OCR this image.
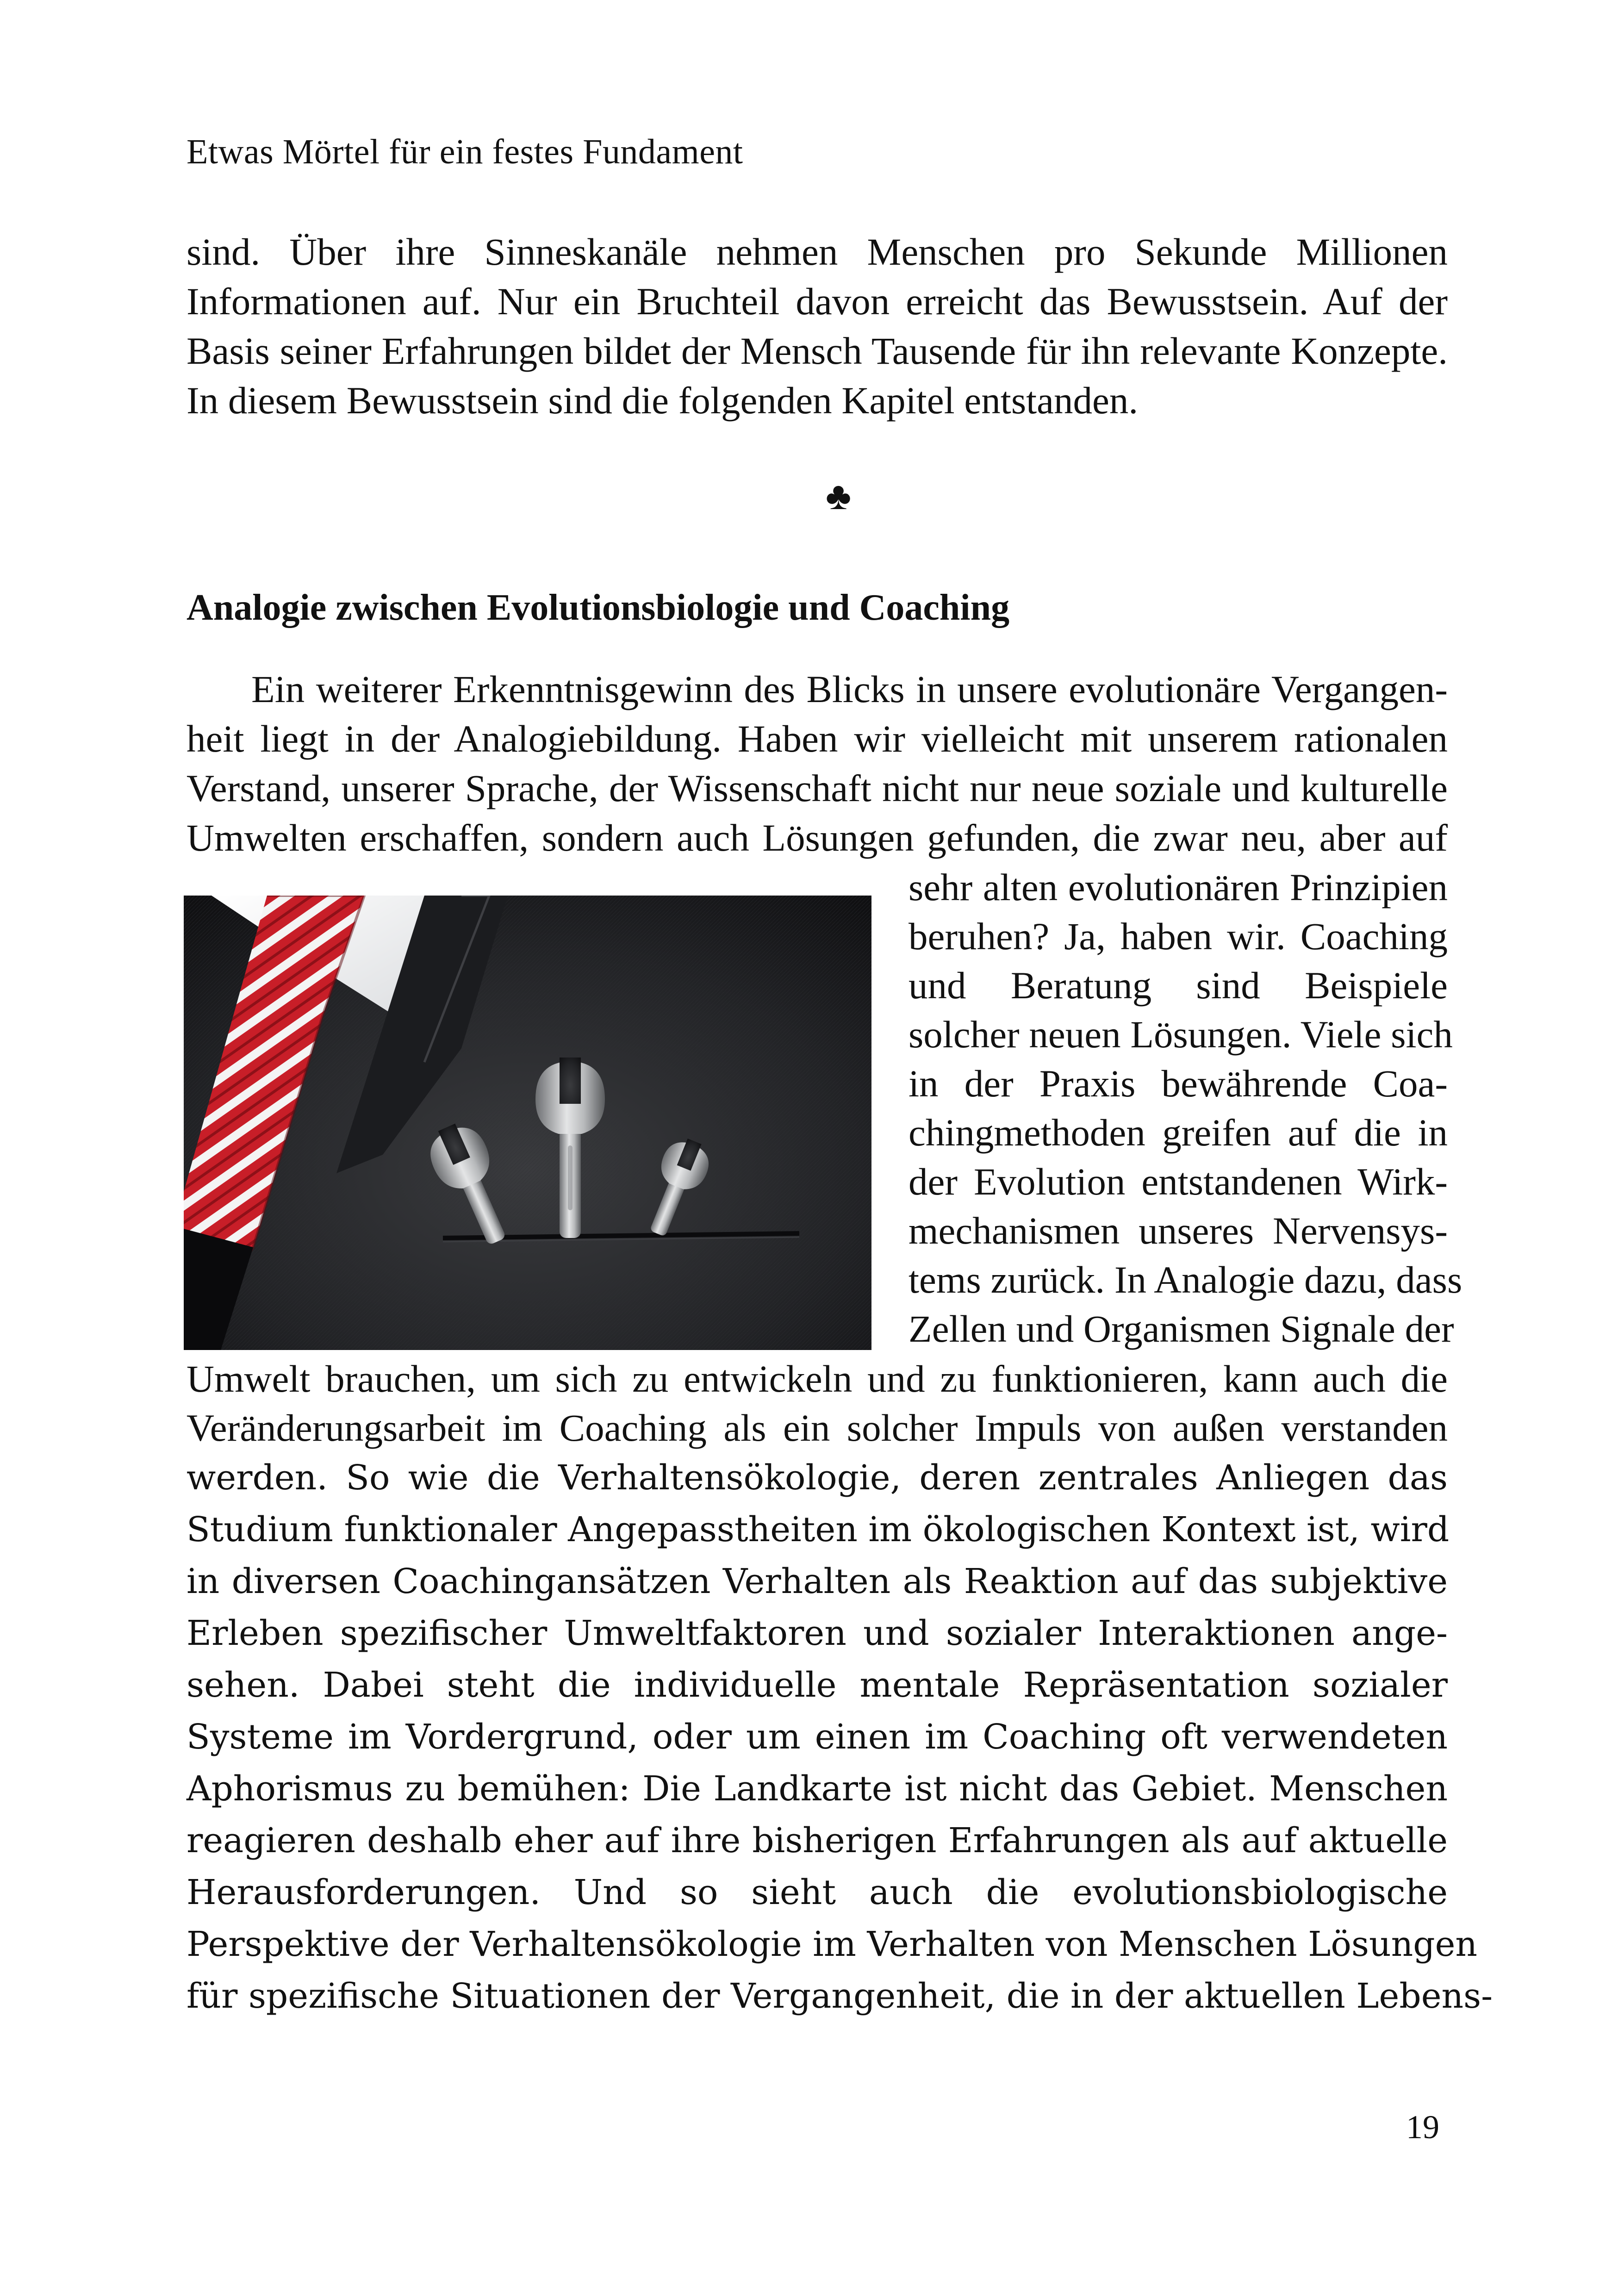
Etwas Mörtel für ein festes Fundament
sind. Über ihre Sinneskanäle nehmen Menschen pro Sekunde Millionen
Informationen auf. Nur ein Bruchteil davon erreicht das Bewusstsein. Auf der
Basis seiner Erfahrungen bildet der Mensch Tausende für ihn relevante Konzepte.
In diesem Bewusstsein sind die folgenden Kapitel entstanden.
♣
Analogie zwischen Evolutionsbiologie und Coaching
Ein weiterer Erkenntnisgewinn des Blicks in unsere evolutionäre Vergangen-
heit liegt in der Analogiebildung. Haben wir vielleicht mit unserem rationalen
Verstand, unserer Sprache, der Wissenschaft nicht nur neue soziale und kulturelle
Umwelten erschaffen, sondern auch Lösungen gefunden, die zwar neu, aber auf
sehr alten evolutionären Prinzipien
beruhen? Ja, haben wir. Coaching
und Beratung sind Beispiele
solcher neuen Lösungen. Viele sich
in der Praxis bewährende Coa-
chingmethoden greifen auf die in
der Evolution entstandenen Wirk-
mechanismen unseres Nervensys-
tems zurück. In Analogie dazu, dass
Zellen und Organismen Signale der
Umwelt brauchen, um sich zu entwickeln und zu funktionieren, kann auch die
Veränderungsarbeit im Coaching als ein solcher Impuls von außen verstanden
werden. So wie die Verhaltensökologie, deren zentrales Anliegen das
Studium funktionaler Angepasstheiten im ökologischen Kontext ist, wird
in diversen Coachingansätzen Verhalten als Reaktion auf das subjektive
Erleben spezifischer Umweltfaktoren und sozialer Interaktionen ange-
sehen. Dabei steht die individuelle mentale Repräsentation sozialer
Systeme im Vordergrund, oder um einen im Coaching oft verwendeten
Aphorismus zu bemühen: Die Landkarte ist nicht das Gebiet. Menschen
reagieren deshalb eher auf ihre bisherigen Erfahrungen als auf aktuelle
Herausforderungen. Und so sieht auch die evolutionsbiologische
Perspektive der Verhaltensökologie im Verhalten von Menschen Lösungen
für spezifische Situationen der Vergangenheit, die in der aktuellen Lebens-
19
